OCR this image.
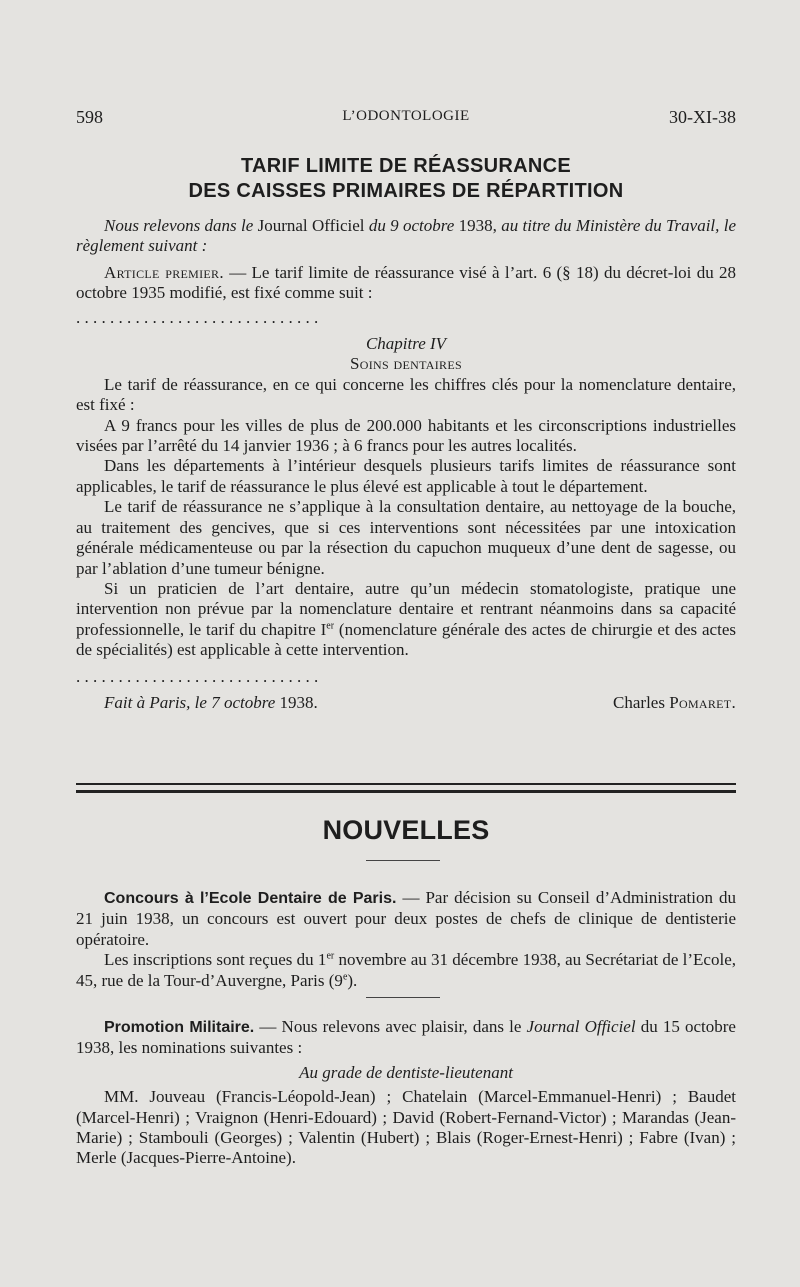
598	L’ODONTOLOGIE	30-XI-38
TARIF LIMITE DE RÉASSURANCE
DES CAISSES PRIMAIRES DE RÉPARTITION

Nous relevons dans le Journal Officiel du 9 octobre 1938, au titre du Ministère du Travail, le règlement suivant :

Article premier. — Le tarif limite de réassurance visé à l’art. 6 (§ 18) du décret-loi du 28 octobre 1935 modifié, est fixé comme suit :

. . . . . . . . . . . . . . . . . . . . . . . . . . . . .

Chapitre IV

Soins dentaires

Le tarif de réassurance, en ce qui concerne les chiffres clés pour la nomenclature dentaire, est fixé :

A 9 francs pour les villes de plus de 200.000 habitants et les circonscriptions industrielles visées par l’arrêté du 14 janvier 1936 ; à 6 francs pour les autres localités.

Dans les départements à l’intérieur desquels plusieurs tarifs limites de réassurance sont applicables, le tarif de réassurance le plus élevé est applicable à tout le département.

Le tarif de réassurance ne s’applique à la consultation dentaire, au nettoyage de la bouche, au traitement des gencives, que si ces interventions sont nécessitées par une intoxication générale médicamenteuse ou par la résection du capuchon muqueux d’une dent de sagesse, ou par l’ablation d’une tumeur bénigne.

Si un praticien de l’art dentaire, autre qu’un médecin stomatologiste, pratique une intervention non prévue par la nomenclature dentaire et rentrant néanmoins dans sa capacité professionnelle, le tarif du chapitre Ier (nomenclature générale des actes de chirurgie et des actes de spécialités) est applicable à cette intervention.

. . . . . . . . . . . . . . . . . . . . . . . . . . . . .

Fait à Paris, le 7 octobre 1938.	Charles Pomaret.

NOUVELLES

Concours à l’Ecole Dentaire de Paris. — Par décision su Conseil d’Administration du 21 juin 1938, un concours est ouvert pour deux postes de chefs de clinique de dentisterie opératoire.

Les inscriptions sont reçues du 1er novembre au 31 décembre 1938, au Secrétariat de l’Ecole, 45, rue de la Tour-d’Auvergne, Paris (9e).

Promotion Militaire. — Nous relevons avec plaisir, dans le Journal Officiel du 15 octobre 1938, les nominations suivantes :

Au grade de dentiste-lieutenant

MM. Jouveau (Francis-Léopold-Jean) ; Chatelain (Marcel-Emmanuel-Henri) ; Baudet (Marcel-Henri) ; Vraignon (Henri-Edouard) ; David (Robert-Fernand-Victor) ; Marandas (Jean-Marie) ; Stambouli (Georges) ; Valentin (Hubert) ; Blais (Roger-Ernest-Henri) ; Fabre (Ivan) ; Merle (Jacques-Pierre-Antoine).
